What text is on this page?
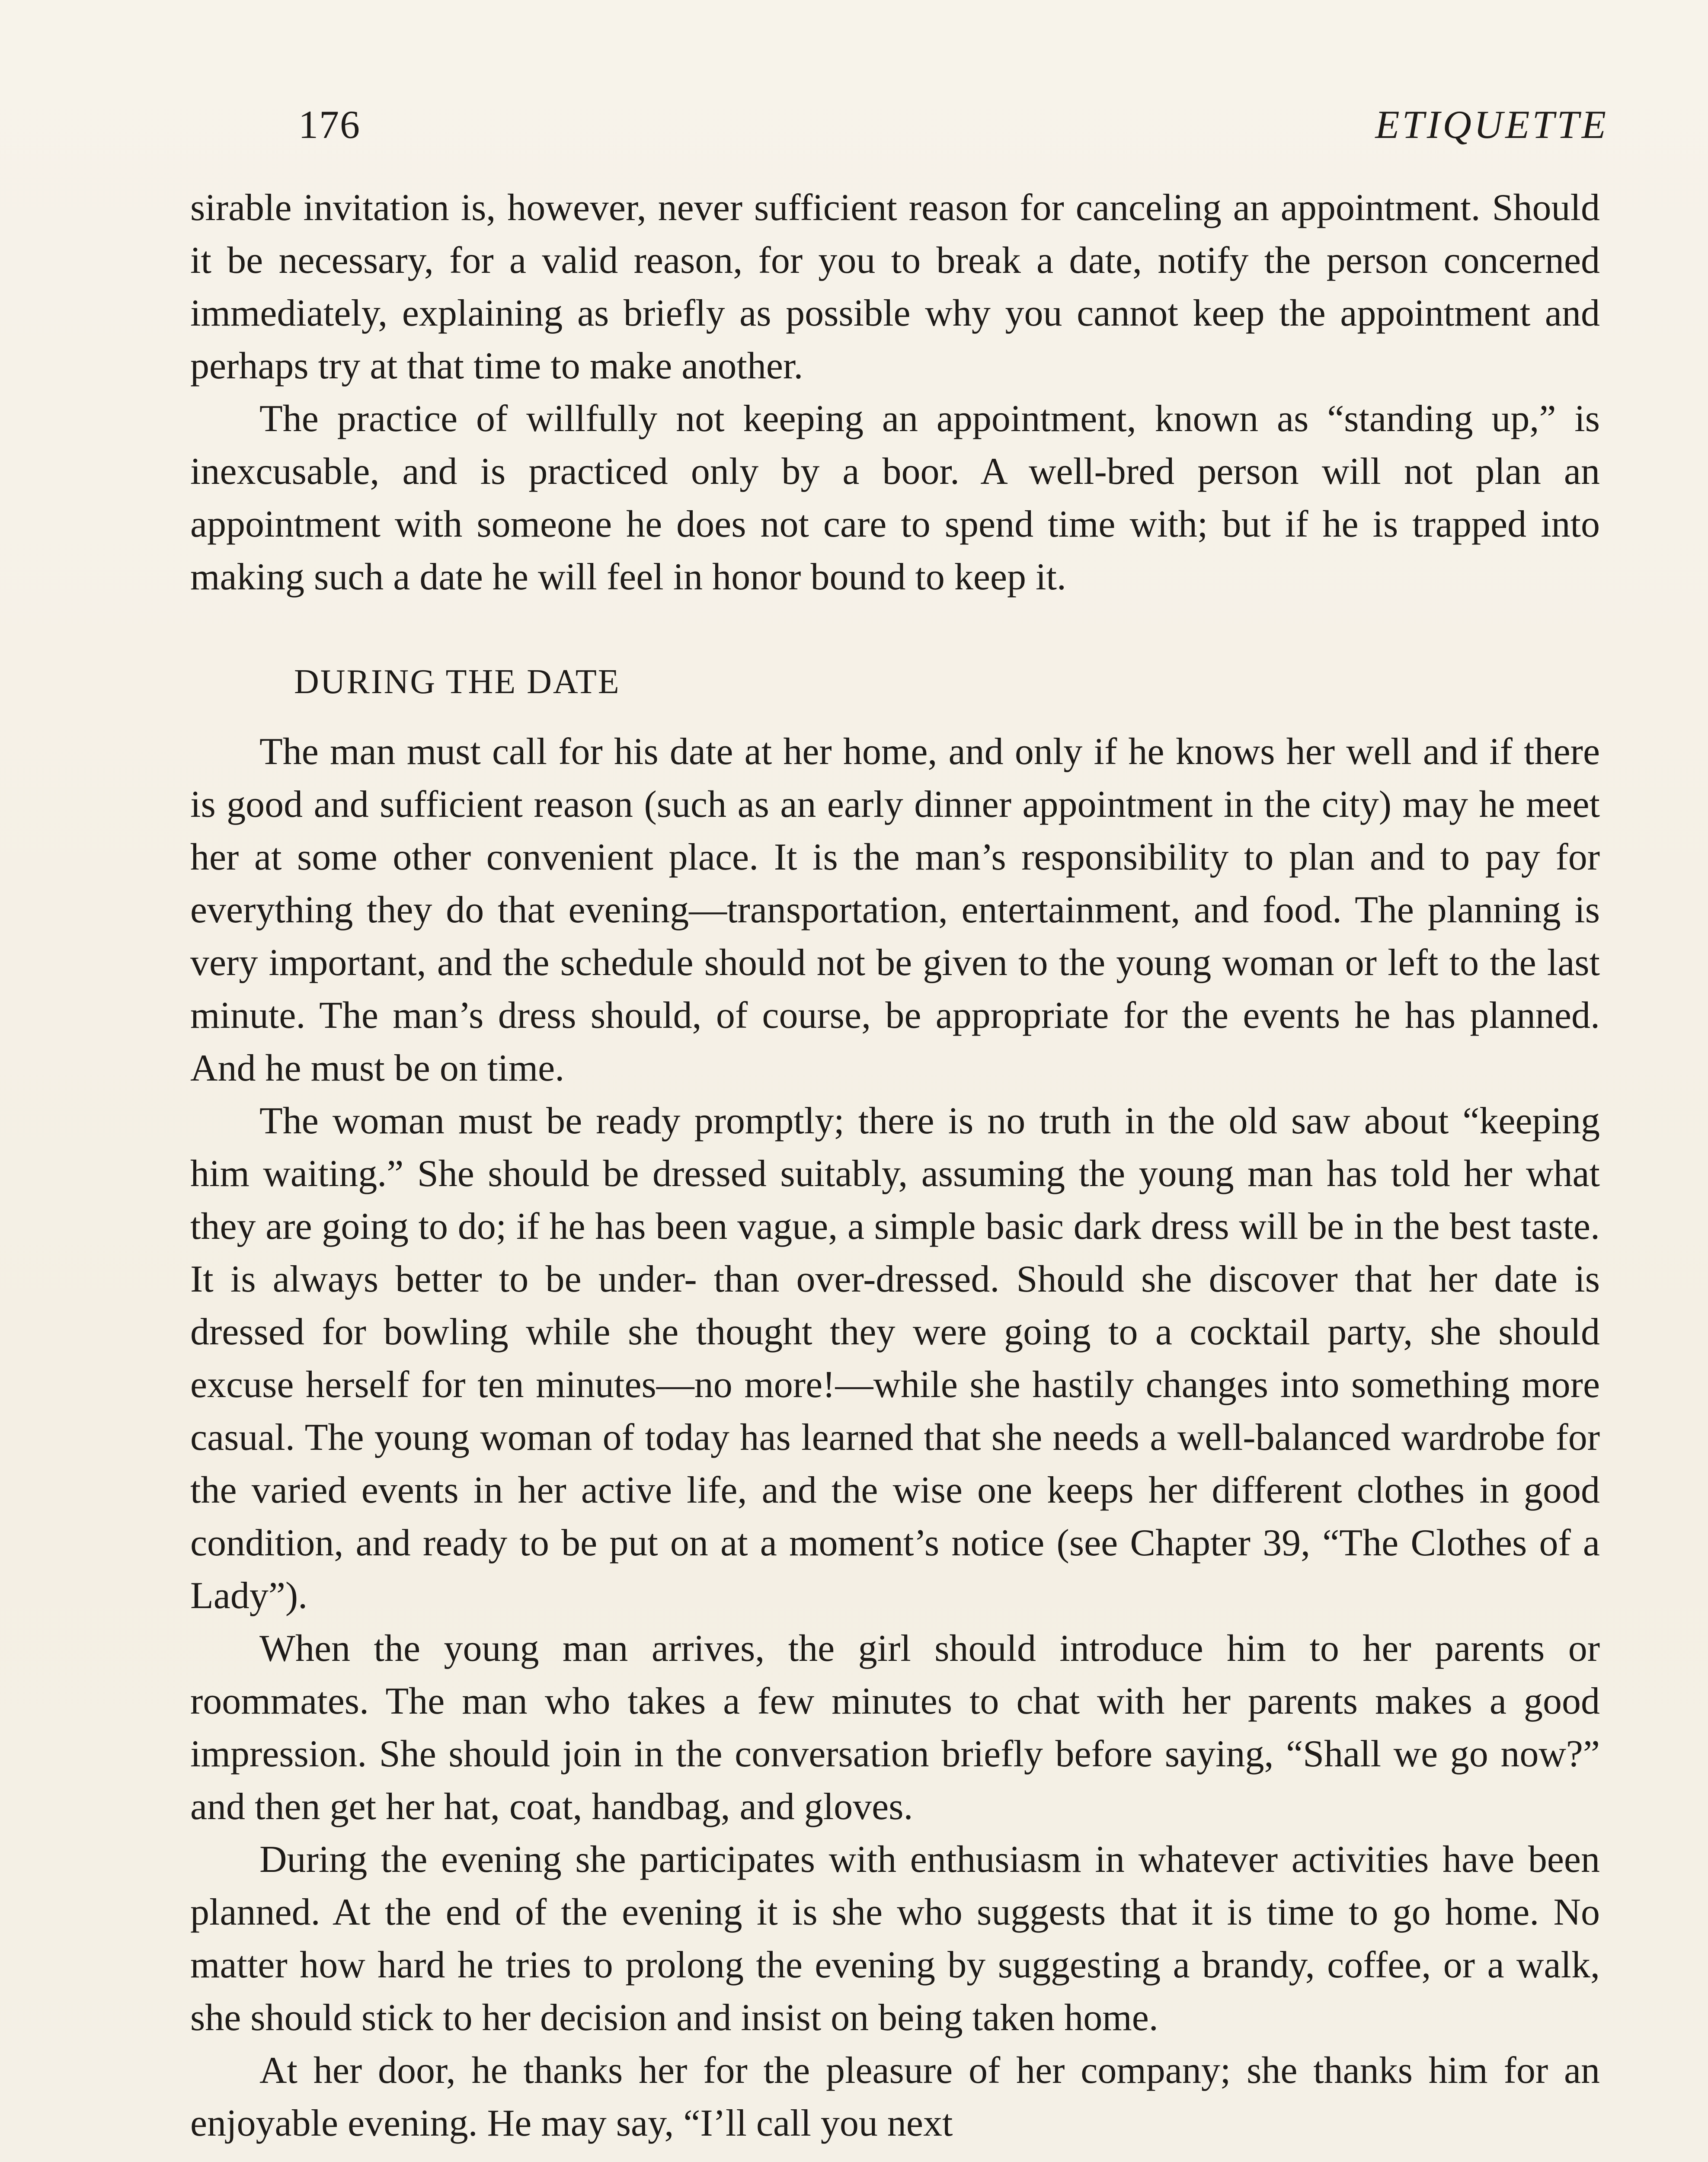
176	ETIQUETTE

sirable invitation is, however, never sufficient reason for canceling an appointment. Should it be necessary, for a valid reason, for you to break a date, notify the person concerned immediately, explaining as briefly as possible why you cannot keep the appointment and perhaps try at that time to make another.

The practice of willfully not keeping an appointment, known as “standing up,” is inexcusable, and is practiced only by a boor. A well-bred person will not plan an appointment with someone he does not care to spend time with; but if he is trapped into making such a date he will feel in honor bound to keep it.

DURING THE DATE

The man must call for his date at her home, and only if he knows her well and if there is good and sufficient reason (such as an early dinner appointment in the city) may he meet her at some other convenient place. It is the man’s responsibility to plan and to pay for everything they do that evening—transportation, entertainment, and food. The planning is very important, and the schedule should not be given to the young woman or left to the last minute. The man’s dress should, of course, be appropriate for the events he has planned. And he must be on time.

The woman must be ready promptly; there is no truth in the old saw about “keeping him waiting.” She should be dressed suitably, assuming the young man has told her what they are going to do; if he has been vague, a simple basic dark dress will be in the best taste. It is always better to be under- than over-dressed. Should she discover that her date is dressed for bowling while she thought they were going to a cocktail party, she should excuse herself for ten minutes—no more!—while she hastily changes into something more casual. The young woman of today has learned that she needs a well-balanced wardrobe for the varied events in her active life, and the wise one keeps her different clothes in good condition, and ready to be put on at a moment’s notice (see Chapter 39, “The Clothes of a Lady”).

When the young man arrives, the girl should introduce him to her parents or roommates. The man who takes a few minutes to chat with her parents makes a good impression. She should join in the conversation briefly before saying, “Shall we go now?” and then get her hat, coat, handbag, and gloves.

During the evening she participates with enthusiasm in whatever activities have been planned. At the end of the evening it is she who suggests that it is time to go home. No matter how hard he tries to prolong the evening by suggesting a brandy, coffee, or a walk, she should stick to her decision and insist on being taken home.

At her door, he thanks her for the pleasure of her company; she thanks him for an enjoyable evening. He may say, “I’ll call you next
